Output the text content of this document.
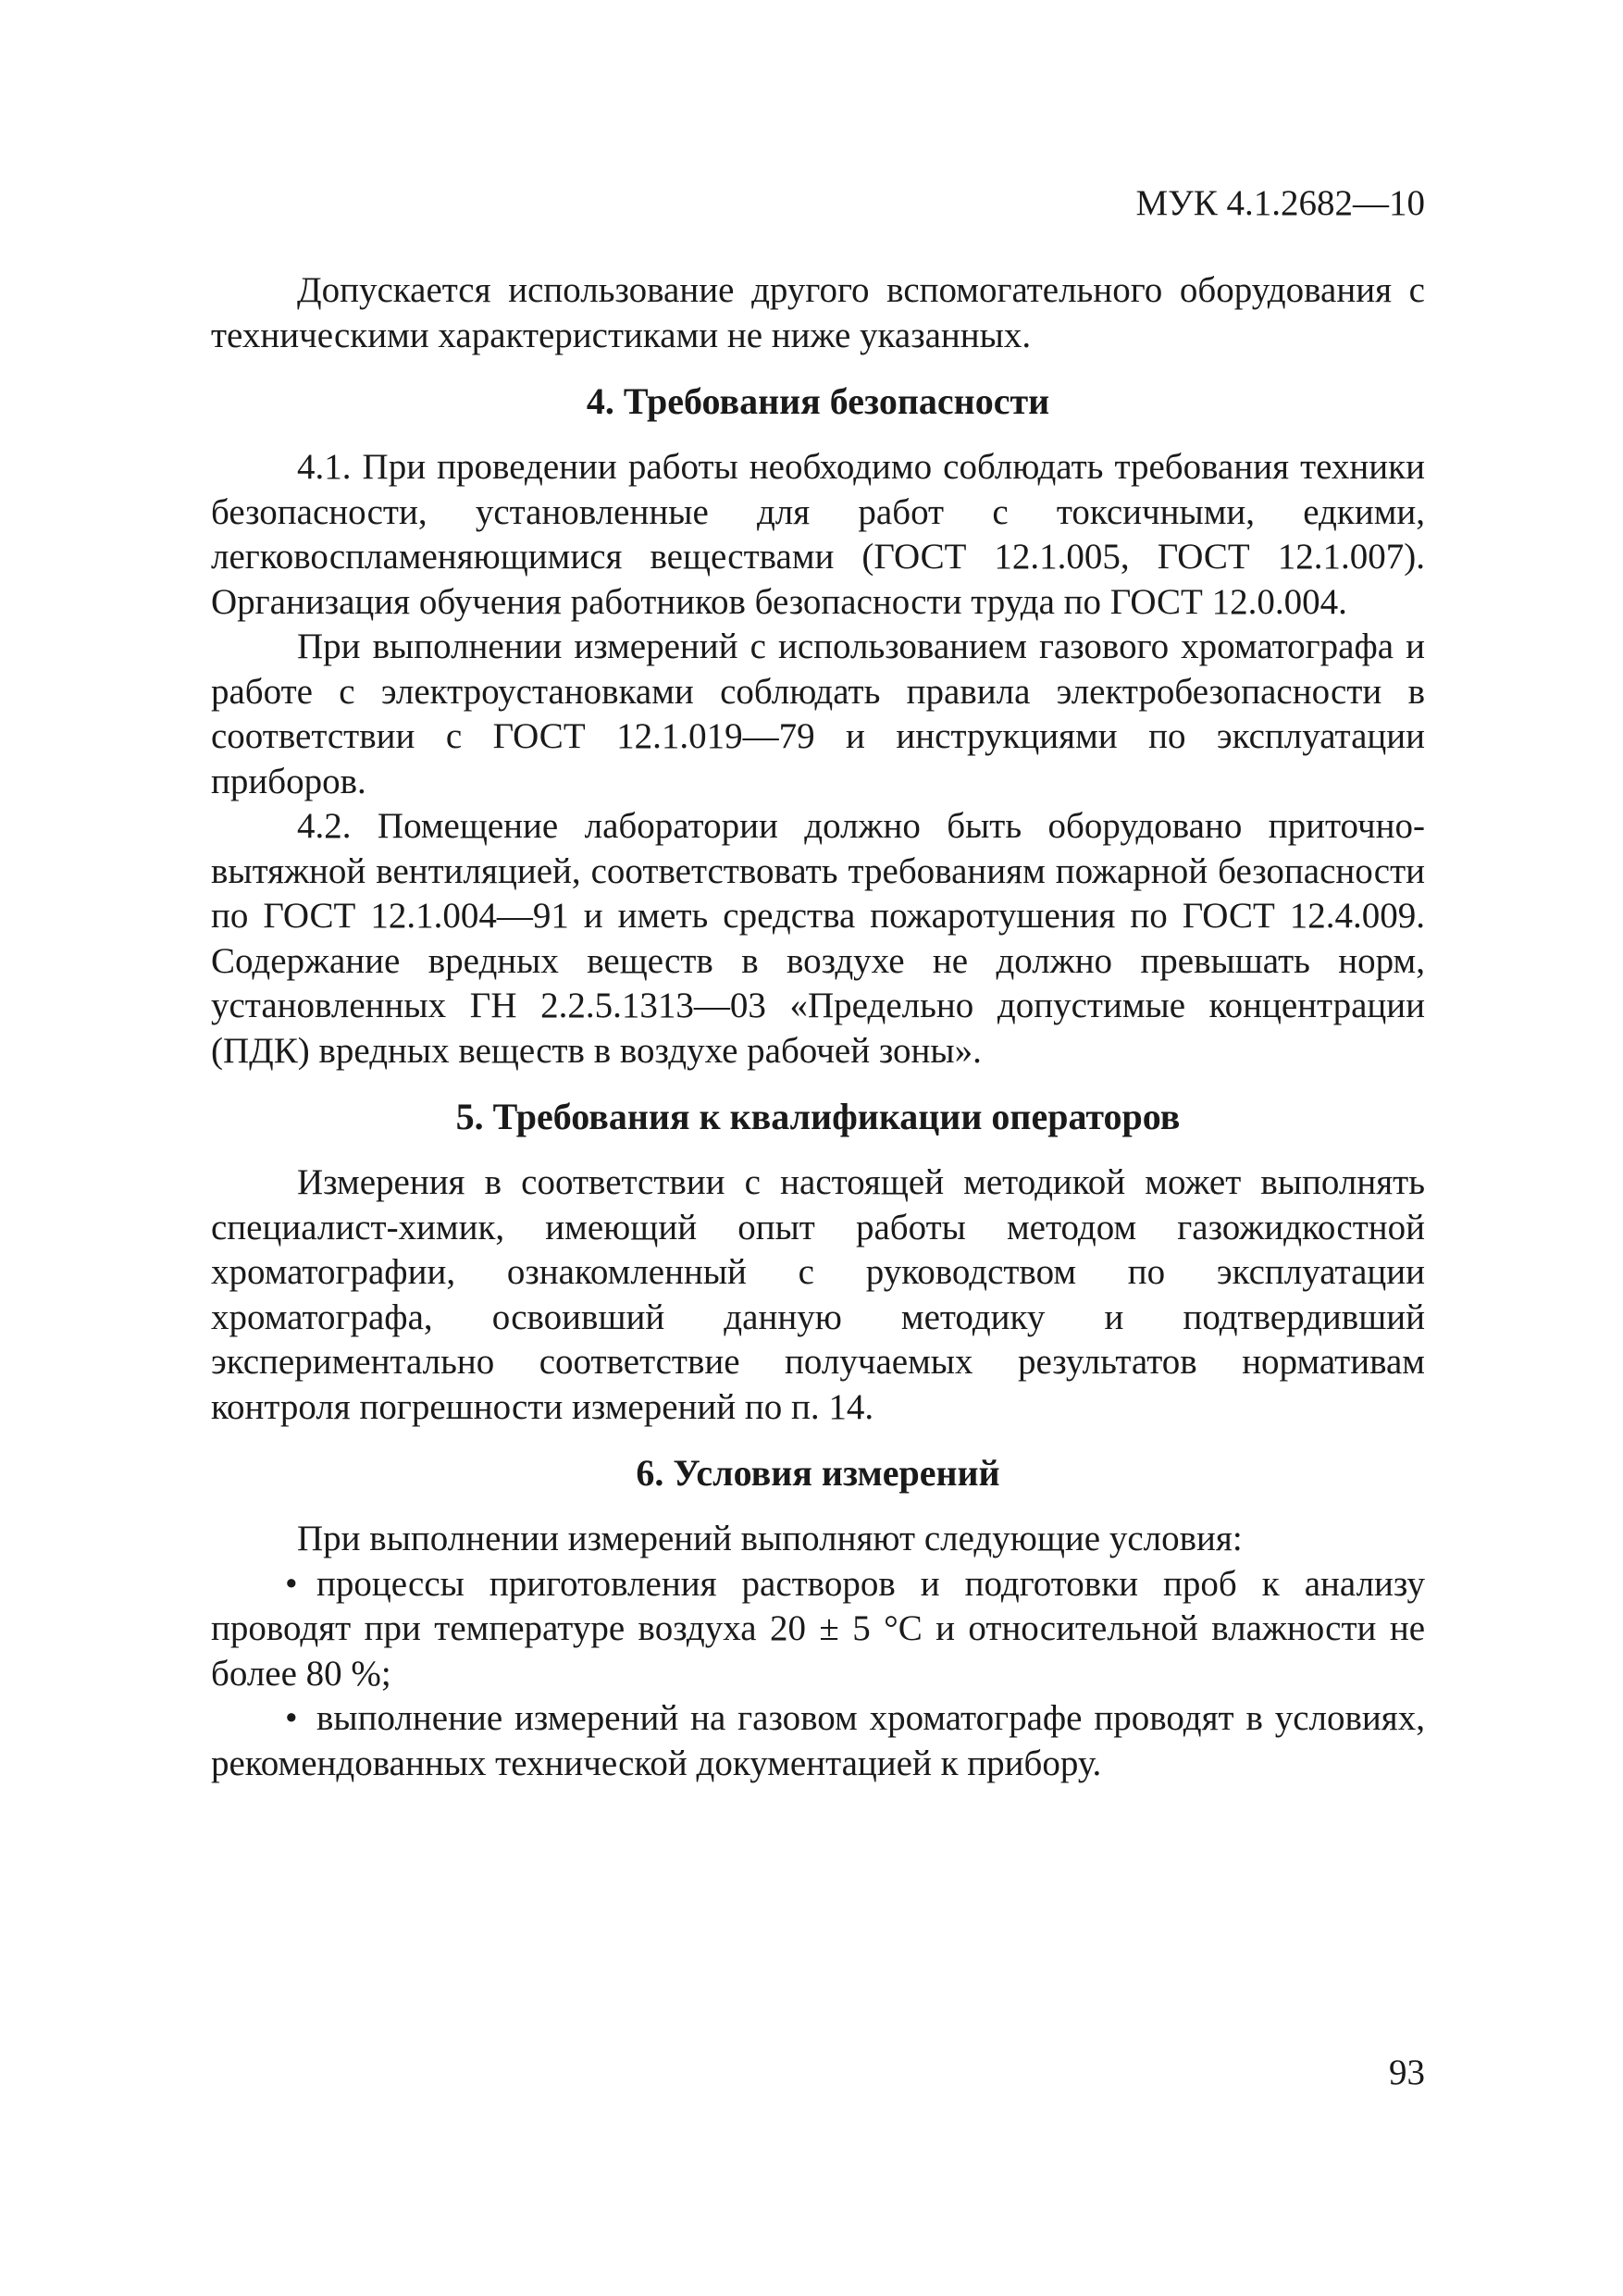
МУК 4.1.2682—10

Допускается использование другого вспомогательного оборудования с техническими характеристиками не ниже указанных.

4. Требования безопасности

4.1. При проведении работы необходимо соблюдать требования техники безопасности, установленные для работ с токсичными, едкими, легковоспламеняющимися веществами (ГОСТ 12.1.005, ГОСТ 12.1.007). Организация обучения работников безопасности труда по ГОСТ 12.0.004.

При выполнении измерений с использованием газового хроматографа и работе с электроустановками соблюдать правила электробезопасности в соответствии с ГОСТ 12.1.019—79 и инструкциями по эксплуатации приборов.

4.2. Помещение лаборатории должно быть оборудовано приточно-вытяжной вентиляцией, соответствовать требованиям пожарной безопасности по ГОСТ 12.1.004—91 и иметь средства пожаротушения по ГОСТ 12.4.009. Содержание вредных веществ в воздухе не должно превышать норм, установленных ГН 2.2.5.1313—03 «Предельно допустимые концентрации (ПДК) вредных веществ в воздухе рабочей зоны».

5. Требования к квалификации операторов

Измерения в соответствии с настоящей методикой может выполнять специалист-химик, имеющий опыт работы методом газожидкостной хроматографии, ознакомленный с руководством по эксплуатации хроматографа, освоивший данную методику и подтвердивший экспериментально соответствие получаемых результатов нормативам контроля погрешности измерений по п. 14.

6. Условия измерений

При выполнении измерений выполняют следующие условия:

• процессы приготовления растворов и подготовки проб к анализу проводят при температуре воздуха 20 ± 5 °С и относительной влажности не более 80 %;
• выполнение измерений на газовом хроматографе проводят в условиях, рекомендованных технической документацией к прибору.
93
